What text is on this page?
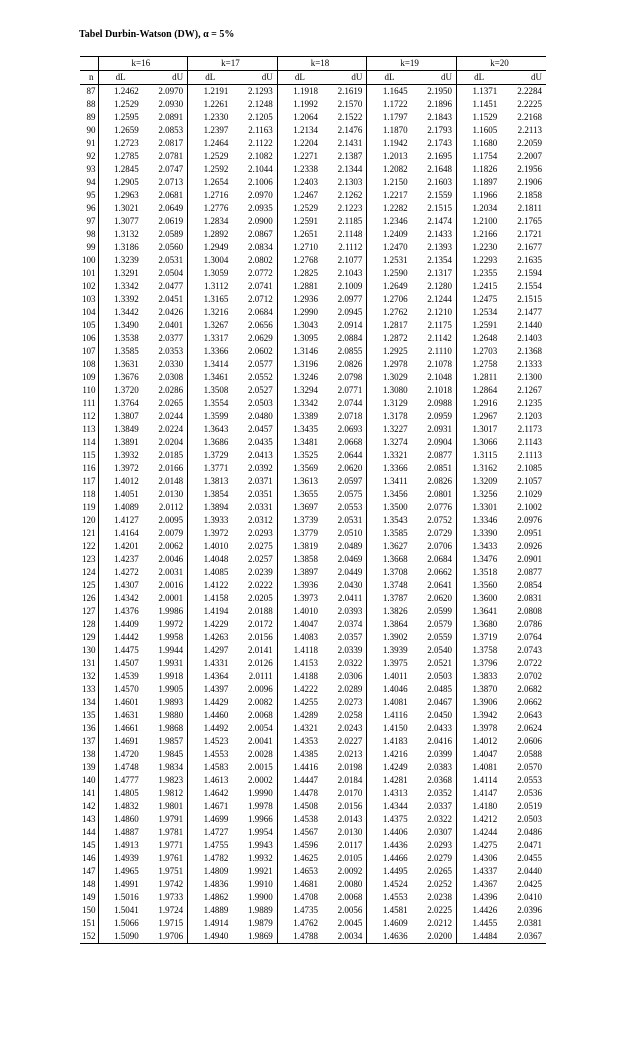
Tabel Durbin-Watson (DW), α = 5%
	k=16		k=17		k=18		k=19		k=20	
n	dL	dU	dL	dU	dL	dU	dL	dU	dL	dU
87	1.2462	2.0970	1.2191	2.1293	1.1918	2.1619	1.1645	2.1950	1.1371	2.2284
88	1.2529	2.0930	1.2261	2.1248	1.1992	2.1570	1.1722	2.1896	1.1451	2.2225
89	1.2595	2.0891	1.2330	2.1205	1.2064	2.1522	1.1797	2.1843	1.1529	2.2168
90	1.2659	2.0853	1.2397	2.1163	1.2134	2.1476	1.1870	2.1793	1.1605	2.2113
91	1.2723	2.0817	1.2464	2.1122	1.2204	2.1431	1.1942	2.1743	1.1680	2.2059
92	1.2785	2.0781	1.2529	2.1082	1.2271	2.1387	1.2013	2.1695	1.1754	2.2007
93	1.2845	2.0747	1.2592	2.1044	1.2338	2.1344	1.2082	2.1648	1.1826	2.1956
94	1.2905	2.0713	1.2654	2.1006	1.2403	2.1303	1.2150	2.1603	1.1897	2.1906
95	1.2963	2.0681	1.2716	2.0970	1.2467	2.1262	1.2217	2.1559	1.1966	2.1858
96	1.3021	2.0649	1.2776	2.0935	1.2529	2.1223	1.2282	2.1515	1.2034	2.1811
97	1.3077	2.0619	1.2834	2.0900	1.2591	2.1185	1.2346	2.1474	1.2100	2.1765
98	1.3132	2.0589	1.2892	2.0867	1.2651	2.1148	1.2409	2.1433	1.2166	2.1721
99	1.3186	2.0560	1.2949	2.0834	1.2710	2.1112	1.2470	2.1393	1.2230	2.1677
100	1.3239	2.0531	1.3004	2.0802	1.2768	2.1077	1.2531	2.1354	1.2293	2.1635
101	1.3291	2.0504	1.3059	2.0772	1.2825	2.1043	1.2590	2.1317	1.2355	2.1594
102	1.3342	2.0477	1.3112	2.0741	1.2881	2.1009	1.2649	2.1280	1.2415	2.1554
103	1.3392	2.0451	1.3165	2.0712	1.2936	2.0977	1.2706	2.1244	1.2475	2.1515
104	1.3442	2.0426	1.3216	2.0684	1.2990	2.0945	1.2762	2.1210	1.2534	2.1477
105	1.3490	2.0401	1.3267	2.0656	1.3043	2.0914	1.2817	2.1175	1.2591	2.1440
106	1.3538	2.0377	1.3317	2.0629	1.3095	2.0884	1.2872	2.1142	1.2648	2.1403
107	1.3585	2.0353	1.3366	2.0602	1.3146	2.0855	1.2925	2.1110	1.2703	2.1368
108	1.3631	2.0330	1.3414	2.0577	1.3196	2.0826	1.2978	2.1078	1.2758	2.1333
109	1.3676	2.0308	1.3461	2.0552	1.3246	2.0798	1.3029	2.1048	1.2811	2.1300
110	1.3720	2.0286	1.3508	2.0527	1.3294	2.0771	1.3080	2.1018	1.2864	2.1267
111	1.3764	2.0265	1.3554	2.0503	1.3342	2.0744	1.3129	2.0988	1.2916	2.1235
112	1.3807	2.0244	1.3599	2.0480	1.3389	2.0718	1.3178	2.0959	1.2967	2.1203
113	1.3849	2.0224	1.3643	2.0457	1.3435	2.0693	1.3227	2.0931	1.3017	2.1173
114	1.3891	2.0204	1.3686	2.0435	1.3481	2.0668	1.3274	2.0904	1.3066	2.1143
115	1.3932	2.0185	1.3729	2.0413	1.3525	2.0644	1.3321	2.0877	1.3115	2.1113
116	1.3972	2.0166	1.3771	2.0392	1.3569	2.0620	1.3366	2.0851	1.3162	2.1085
117	1.4012	2.0148	1.3813	2.0371	1.3613	2.0597	1.3411	2.0826	1.3209	2.1057
118	1.4051	2.0130	1.3854	2.0351	1.3655	2.0575	1.3456	2.0801	1.3256	2.1029
119	1.4089	2.0112	1.3894	2.0331	1.3697	2.0553	1.3500	2.0776	1.3301	2.1002
120	1.4127	2.0095	1.3933	2.0312	1.3739	2.0531	1.3543	2.0752	1.3346	2.0976
121	1.4164	2.0079	1.3972	2.0293	1.3779	2.0510	1.3585	2.0729	1.3390	2.0951
122	1.4201	2.0062	1.4010	2.0275	1.3819	2.0489	1.3627	2.0706	1.3433	2.0926
123	1.4237	2.0046	1.4048	2.0257	1.3858	2.0469	1.3668	2.0684	1.3476	2.0901
124	1.4272	2.0031	1.4085	2.0239	1.3897	2.0449	1.3708	2.0662	1.3518	2.0877
125	1.4307	2.0016	1.4122	2.0222	1.3936	2.0430	1.3748	2.0641	1.3560	2.0854
126	1.4342	2.0001	1.4158	2.0205	1.3973	2.0411	1.3787	2.0620	1.3600	2.0831
127	1.4376	1.9986	1.4194	2.0188	1.4010	2.0393	1.3826	2.0599	1.3641	2.0808
128	1.4409	1.9972	1.4229	2.0172	1.4047	2.0374	1.3864	2.0579	1.3680	2.0786
129	1.4442	1.9958	1.4263	2.0156	1.4083	2.0357	1.3902	2.0559	1.3719	2.0764
130	1.4475	1.9944	1.4297	2.0141	1.4118	2.0339	1.3939	2.0540	1.3758	2.0743
131	1.4507	1.9931	1.4331	2.0126	1.4153	2.0322	1.3975	2.0521	1.3796	2.0722
132	1.4539	1.9918	1.4364	2.0111	1.4188	2.0306	1.4011	2.0503	1.3833	2.0702
133	1.4570	1.9905	1.4397	2.0096	1.4222	2.0289	1.4046	2.0485	1.3870	2.0682
134	1.4601	1.9893	1.4429	2.0082	1.4255	2.0273	1.4081	2.0467	1.3906	2.0662
135	1.4631	1.9880	1.4460	2.0068	1.4289	2.0258	1.4116	2.0450	1.3942	2.0643
136	1.4661	1.9868	1.4492	2.0054	1.4321	2.0243	1.4150	2.0433	1.3978	2.0624
137	1.4691	1.9857	1.4523	2.0041	1.4353	2.0227	1.4183	2.0416	1.4012	2.0606
138	1.4720	1.9845	1.4553	2.0028	1.4385	2.0213	1.4216	2.0399	1.4047	2.0588
139	1.4748	1.9834	1.4583	2.0015	1.4416	2.0198	1.4249	2.0383	1.4081	2.0570
140	1.4777	1.9823	1.4613	2.0002	1.4447	2.0184	1.4281	2.0368	1.4114	2.0553
141	1.4805	1.9812	1.4642	1.9990	1.4478	2.0170	1.4313	2.0352	1.4147	2.0536
142	1.4832	1.9801	1.4671	1.9978	1.4508	2.0156	1.4344	2.0337	1.4180	2.0519
143	1.4860	1.9791	1.4699	1.9966	1.4538	2.0143	1.4375	2.0322	1.4212	2.0503
144	1.4887	1.9781	1.4727	1.9954	1.4567	2.0130	1.4406	2.0307	1.4244	2.0486
145	1.4913	1.9771	1.4755	1.9943	1.4596	2.0117	1.4436	2.0293	1.4275	2.0471
146	1.4939	1.9761	1.4782	1.9932	1.4625	2.0105	1.4466	2.0279	1.4306	2.0455
147	1.4965	1.9751	1.4809	1.9921	1.4653	2.0092	1.4495	2.0265	1.4337	2.0440
148	1.4991	1.9742	1.4836	1.9910	1.4681	2.0080	1.4524	2.0252	1.4367	2.0425
149	1.5016	1.9733	1.4862	1.9900	1.4708	2.0068	1.4553	2.0238	1.4396	2.0410
150	1.5041	1.9724	1.4889	1.9889	1.4735	2.0056	1.4581	2.0225	1.4426	2.0396
151	1.5066	1.9715	1.4914	1.9879	1.4762	2.0045	1.4609	2.0212	1.4455	2.0381
152	1.5090	1.9706	1.4940	1.9869	1.4788	2.0034	1.4636	2.0200	1.4484	2.0367
